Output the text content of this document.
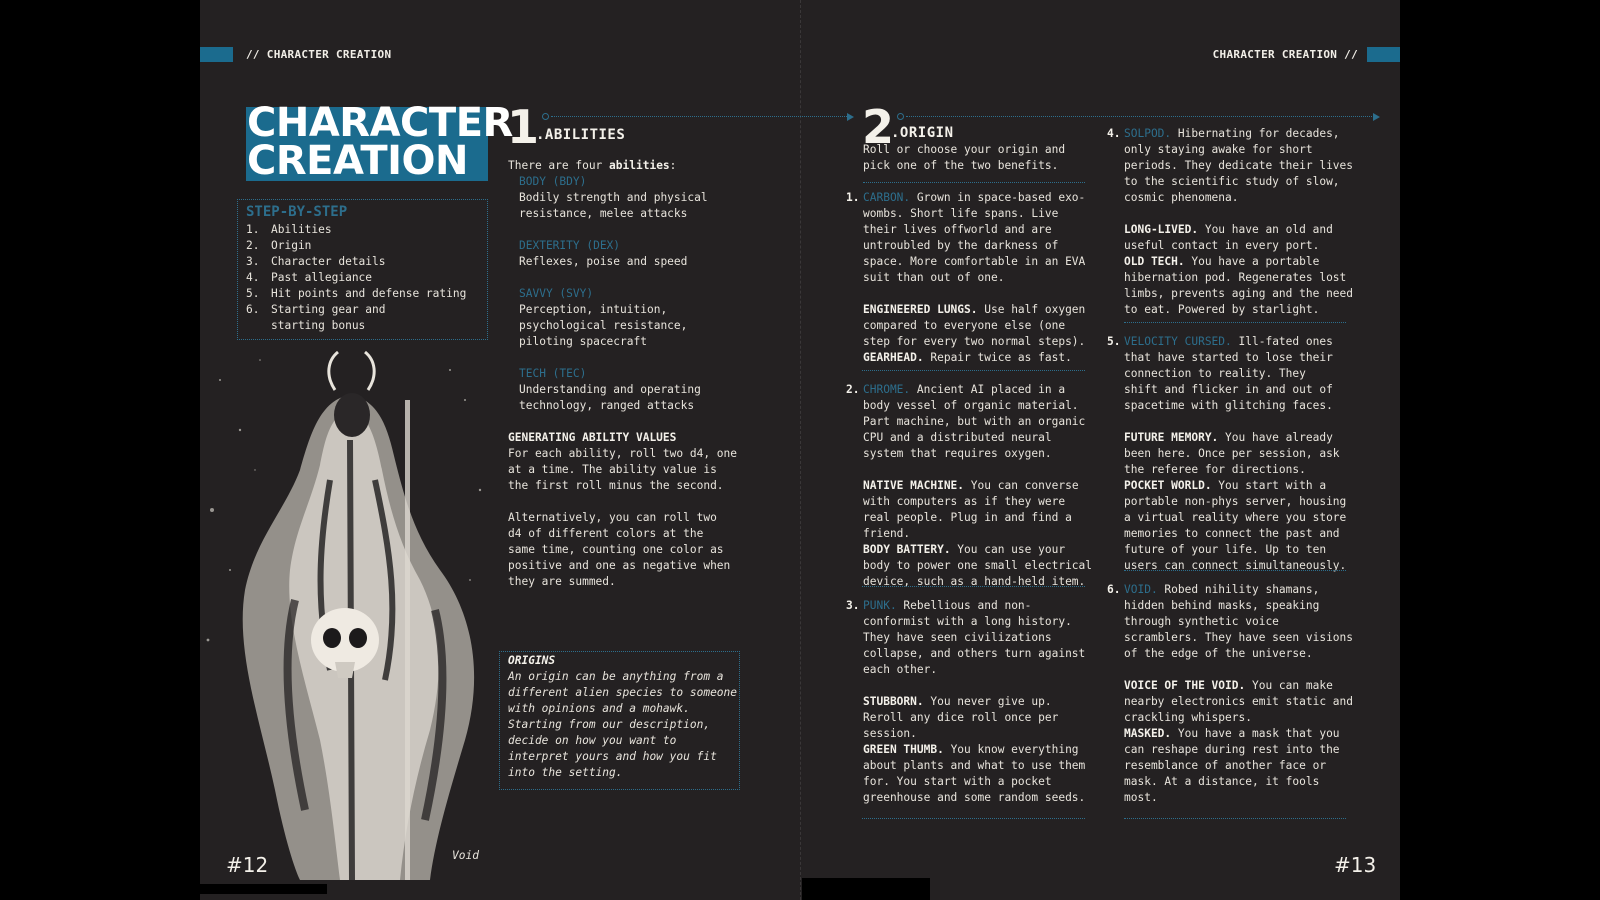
// CHARACTER CREATION	CHARACTER CREATION //
CHARACTER
CREATION
STEP-BY-STEP
1.	Abilities
2.	Origin
3.	Character details
4.	Past allegiance
5.	Hit points and defense rating
6.	Starting gear and
starting bonus
Void
#12	#13
1
.ABILITIES
There are four abilities:
BODY (BDY)
Bodily strength and physical
resistance, melee attacks
DEXTERITY (DEX)
Reflexes, poise and speed
SAVVY (SVY)
Perception, intuition,
psychological resistance,
piloting spacecraft
TECH (TEC)
Understanding and operating
technology, ranged attacks
GENERATING ABILITY VALUES
For each ability, roll two d4, one
at a time. The ability value is
the first roll minus the second.
Alternatively, you can roll two
d4 of different colors at the
same time, counting one color as
positive and one as negative when
they are summed.
ORIGINS
An origin can be anything from a
different alien species to someone
with opinions and a mohawk.
Starting from our description,
decide on how you want to
interpret yours and how you fit
into the setting.
2
.ORIGIN
Roll or choose your origin and
pick one of the two benefits.
1. CARBON. Grown in space-based exo-
wombs. Short life spans. Live
their lives offworld and are
untroubled by the darkness of
space. More comfortable in an EVA
suit than out of one.
ENGINEERED LUNGS. Use half oxygen
compared to everyone else (one
step for every two normal steps).
GEARHEAD. Repair twice as fast.
2. CHROME. Ancient AI placed in a
body vessel of organic material.
Part machine, but with an organic
CPU and a distributed neural
system that requires oxygen.
NATIVE MACHINE. You can converse
with computers as if they were
real people. Plug in and find a
friend.
BODY BATTERY. You can use your
body to power one small electrical
device, such as a hand-held item.
3. PUNK. Rebellious and non-
conformist with a long history.
They have seen civilizations
collapse, and others turn against
each other.
STUBBORN. You never give up.
Reroll any dice roll once per
session.
GREEN THUMB. You know everything
about plants and what to use them
for. You start with a pocket
greenhouse and some random seeds.
4. SOLPOD. Hibernating for decades,
only staying awake for short
periods. They dedicate their lives
to the scientific study of slow,
cosmic phenomena.
LONG-LIVED. You have an old and
useful contact in every port.
OLD TECH. You have a portable
hibernation pod. Regenerates lost
limbs, prevents aging and the need
to eat. Powered by starlight.
5. VELOCITY CURSED. Ill-fated ones
that have started to lose their
connection to reality. They
shift and flicker in and out of
spacetime with glitching faces.
FUTURE MEMORY. You have already
been here. Once per session, ask
the referee for directions.
POCKET WORLD. You start with a
portable non-phys server, housing
a virtual reality where you store
memories to connect the past and
future of your life. Up to ten
users can connect simultaneously.
6. VOID. Robed nihility shamans,
hidden behind masks, speaking
through synthetic voice
scramblers. They have seen visions
of the edge of the universe.
VOICE OF THE VOID. You can make
nearby electronics emit static and
crackling whispers.
MASKED. You have a mask that you
can reshape during rest into the
resemblance of another face or
mask. At a distance, it fools
most.
